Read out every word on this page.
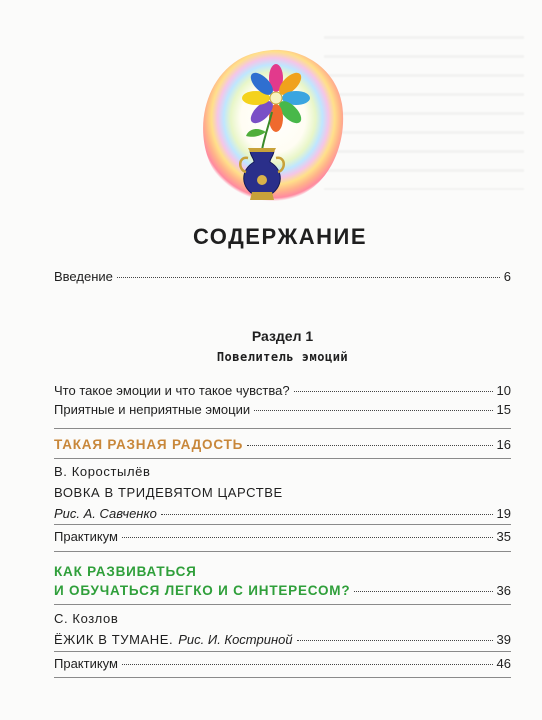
СОДЕРЖАНИЕ
Введение	6
Раздел 1
Повелитель эмоций
Что такое эмоции и что такое чувства?	10
Приятные и неприятные эмоции	15
ТАКАЯ РАЗНАЯ РАДОСТЬ	16
В. Коростылёв
ВОВКА В ТРИДЕВЯТОМ ЦАРСТВЕ
Рис. А. Савченко	19
Практикум	35
КАК РАЗВИВАТЬСЯ
И ОБУЧАТЬСЯ ЛЕГКО И С ИНТЕРЕСОМ?	36
С. Козлов
ЁЖИК В ТУМАНЕ. Рис. И. Костриной	39
Практикум	46
